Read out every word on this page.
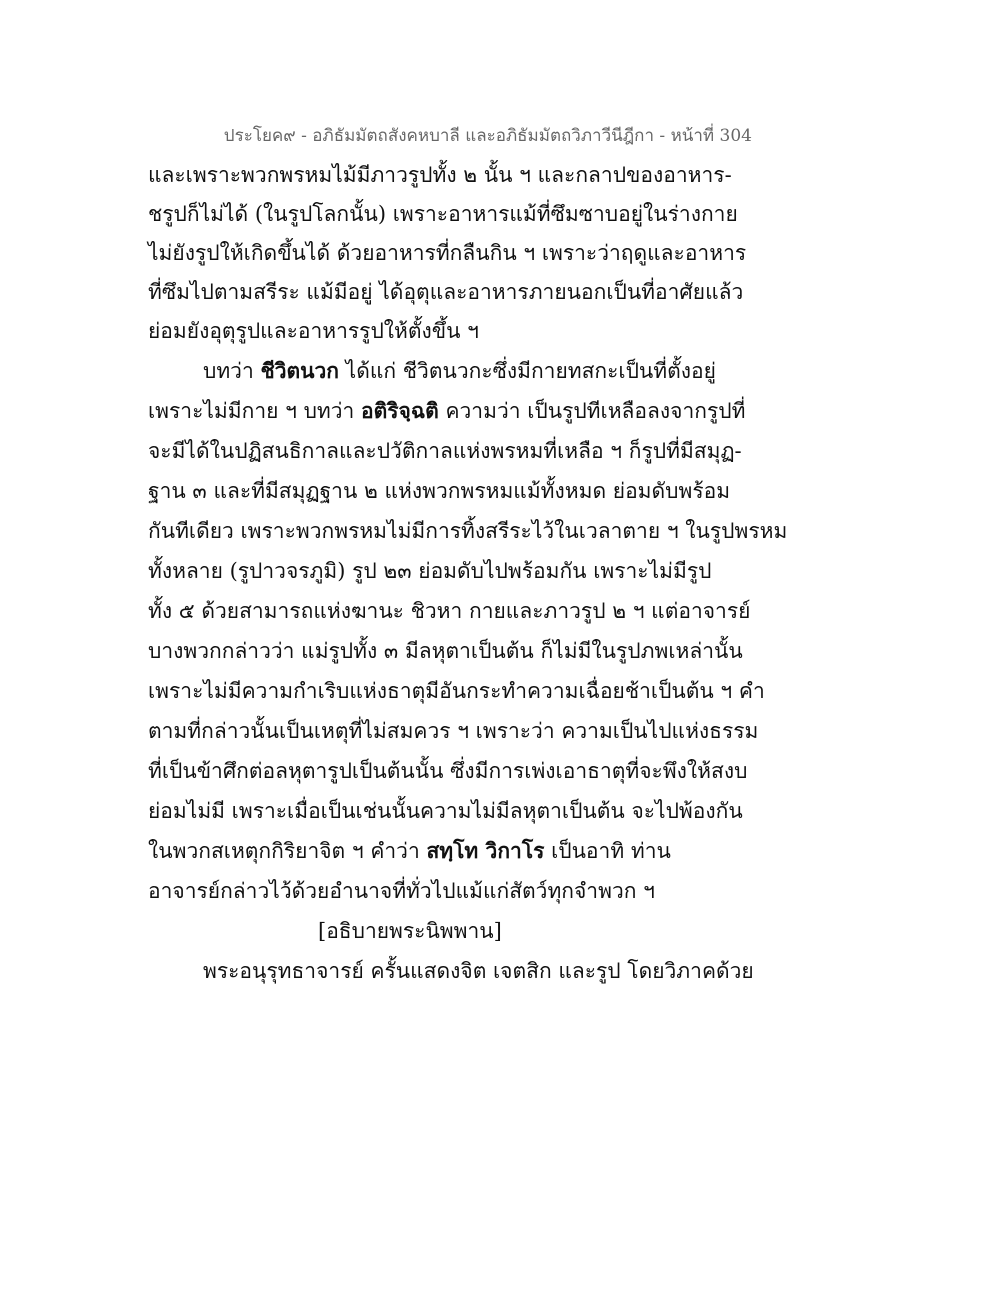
ประโยค๙ - อภิธัมมัตถสังคหบาลี และอภิธัมมัตถวิภาวีนีฎีกา - หน้าที่ 304
และเพราะพวกพรหมไม้มีภาวรูปทั้ง ๒ นั้น ฯ และกลาปของอาหาร-
ชรูปก็ไม่ได้ (ในรูปโลกนั้น) เพราะอาหารแม้ที่ซึมซาบอยู่ในร่างกาย
ไม่ยังรูปให้เกิดขึ้นได้ ด้วยอาหารที่กลืนกิน ฯ เพราะว่าฤดูและอาหาร
ที่ซึมไปตามสรีระ แม้มีอยู่ ได้อุตุและอาหารภายนอกเป็นที่อาศัยแล้ว
ย่อมยังอุตุรูปและอาหารรูปให้ตั้งขึ้น ฯ
บทว่า ชีวิตนวก ได้แก่ ชีวิตนวกะซึ่งมีกายทสกะเป็นที่ตั้งอยู่
เพราะไม่มีกาย ฯ บทว่า อติริจฺฉติ ความว่า เป็นรูปทีเหลือลงจากรูปที่
จะมีได้ในปฏิสนธิกาลและปวัติกาลแห่งพรหมที่เหลือ ฯ ก็รูปที่มีสมุฏ-
ฐาน ๓ และที่มีสมุฏฐาน ๒ แห่งพวกพรหมแม้ทั้งหมด ย่อมดับพร้อม
กันทีเดียว เพราะพวกพรหมไม่มีการทิ้งสรีระไว้ในเวลาตาย ฯ ในรูปพรหม
ทั้งหลาย (รูปาวจรภูมิ) รูป ๒๓ ย่อมดับไปพร้อมกัน เพราะไม่มีรูป
ทั้ง ๕ ด้วยสามารถแห่งฆานะ ชิวหา กายและภาวรูป ๒ ฯ แต่อาจารย์
บางพวกกล่าวว่า แม่รูปทั้ง ๓ มีลหุตาเป็นต้น ก็ไม่มีในรูปภพเหล่านั้น
เพราะไม่มีความกำเริบแห่งธาตุมีอันกระทำความเฉื่อยช้าเป็นต้น ฯ คำ
ตามที่กล่าวนั้นเป็นเหตุที่ไม่สมควร ฯ เพราะว่า ความเป็นไปแห่งธรรม
ที่เป็นข้าศึกต่อลหุตารูปเป็นต้นนั้น ซึ่งมีการเพ่งเอาธาตุที่จะพึงให้สงบ
ย่อมไม่มี เพราะเมื่อเป็นเช่นนั้นความไม่มีลหุตาเป็นต้น จะไปพ้องกัน
ในพวกสเหตุกกิริยาจิต ฯ คำว่า สทฺโท วิกาโร เป็นอาทิ ท่าน
อาจารย์กล่าวไว้ด้วยอำนาจที่ทั่วไปแม้แก่สัตว์ทุกจำพวก ฯ
[อธิบายพระนิพพาน]
พระอนุรุทธาจารย์ ครั้นแสดงจิต เจตสิก และรูป โดยวิภาคด้วย
